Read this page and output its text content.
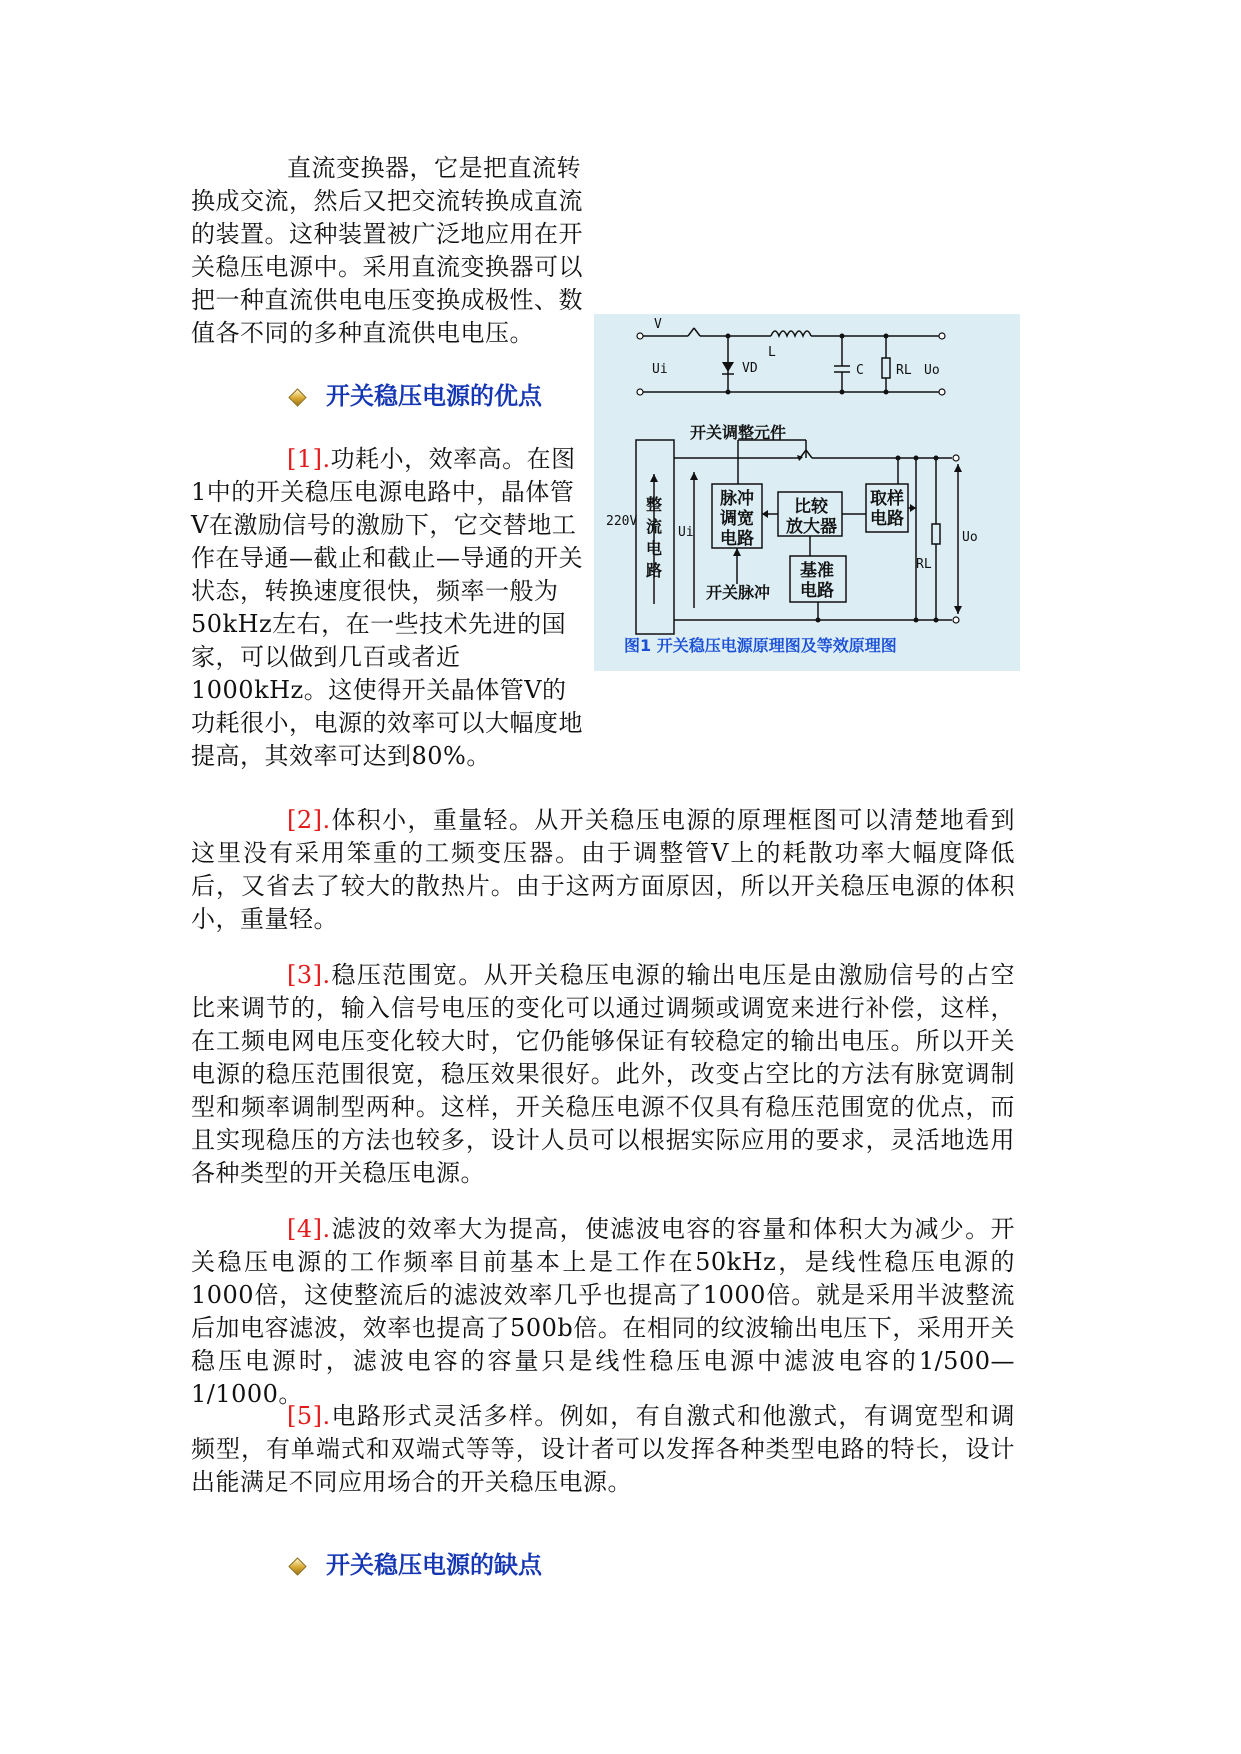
直流变换器，它是把直流转换成交流，然后又把交流转换成直流的装置。这种装置被广泛地应用在开关稳压电源中。采用直流变换器可以把一种直流供电电压变换成极性、数值各不同的多种直流供电电压。
开关稳压电源的优点
[1].功耗小，效率高。在图1中的开关稳压电源电路中，晶体管V在激励信号的激励下，它交替地工作在导通—截止和截止—导通的开关状态，转换速度很快，频率一般为50kHz左右，在一些技术先进的国家，可以做到几百或者近1000kHz。这使得开关晶体管V的功耗很小，电源的效率可以大幅度地提高，其效率可达到80%。
[2].体积小，重量轻。从开关稳压电源的原理框图可以清楚地看到这里没有采用笨重的工频变压器。由于调整管V上的耗散功率大幅度降低后，又省去了较大的散热片。由于这两方面原因，所以开关稳压电源的体积小，重量轻。
[3].稳压范围宽。从开关稳压电源的输出电压是由激励信号的占空比来调节的，输入信号电压的变化可以通过调频或调宽来进行补偿，这样，在工频电网电压变化较大时，它仍能够保证有较稳定的输出电压。所以开关电源的稳压范围很宽，稳压效果很好。此外，改变占空比的方法有脉宽调制型和频率调制型两种。这样，开关稳压电源不仅具有稳压范围宽的优点，而且实现稳压的方法也较多，设计人员可以根据实际应用的要求，灵活地选用各种类型的开关稳压电源。
[4].滤波的效率大为提高，使滤波电容的容量和体积大为减少。开关稳压电源的工作频率目前基本上是工作在50kHz，是线性稳压电源的1000倍，这使整流后的滤波效率几乎也提高了1000倍。就是采用半波整流后加电容滤波，效率也提高了500b倍。在相同的纹波输出电压下，采用开关稳压电源时，滤波电容的容量只是线性稳压电源中滤波电容的1/500—1/1000。
[5].电路形式灵活多样。例如，有自激式和他激式，有调宽型和调频型，有单端式和双端式等等，设计者可以发挥各种类型电路的特长，设计出能满足不同应用场合的开关稳压电源。
开关稳压电源的缺点
V
L
Ui	VD	C RL Uo
220V
Ui
RL
Uo
开关调整元件
整
流
电
路
脉冲
调宽
电路
比较
放大器
取样
电路
基准
电路
开关脉冲
图1 开关稳压电源原理图及等效原理图
